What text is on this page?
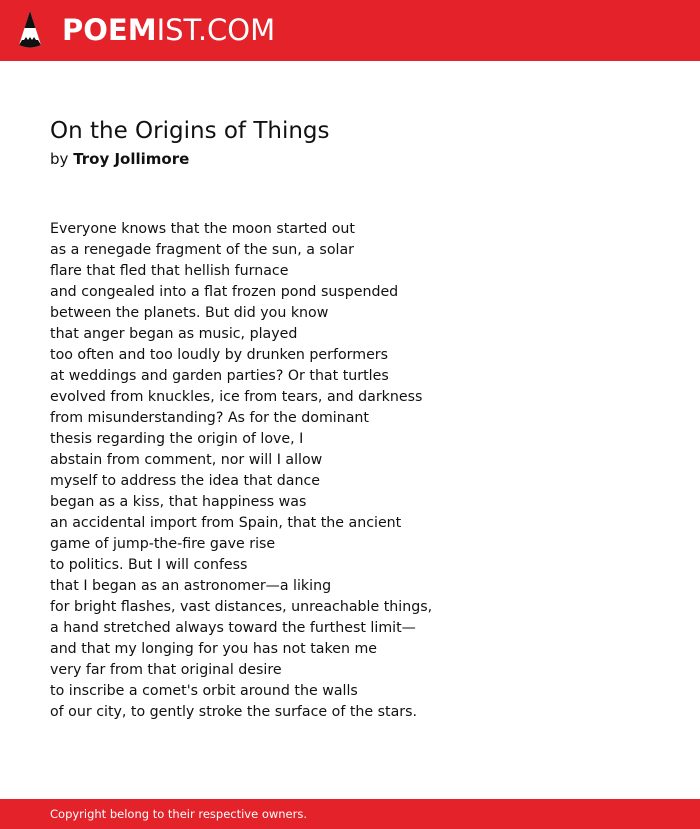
POEMIST.COM
On the Origins of Things
by Troy Jollimore
Everyone knows that the moon started out
as a renegade fragment of the sun, a solar
flare that fled that hellish furnace
and congealed into a flat frozen pond suspended
between the planets. But did you know
that anger began as music, played
too often and too loudly by drunken performers
at weddings and garden parties? Or that turtles
evolved from knuckles, ice from tears, and darkness
from misunderstanding? As for the dominant
thesis regarding the origin of love, I
abstain from comment, nor will I allow
myself to address the idea that dance
began as a kiss, that happiness was
an accidental import from Spain, that the ancient
game of jump-the-fire gave rise
to politics. But I will confess
that I began as an astronomer—a liking
for bright flashes, vast distances, unreachable things,
a hand stretched always toward the furthest limit—
and that my longing for you has not taken me
very far from that original desire
to inscribe a comet's orbit around the walls
of our city, to gently stroke the surface of the stars.
Copyright belong to their respective owners.
